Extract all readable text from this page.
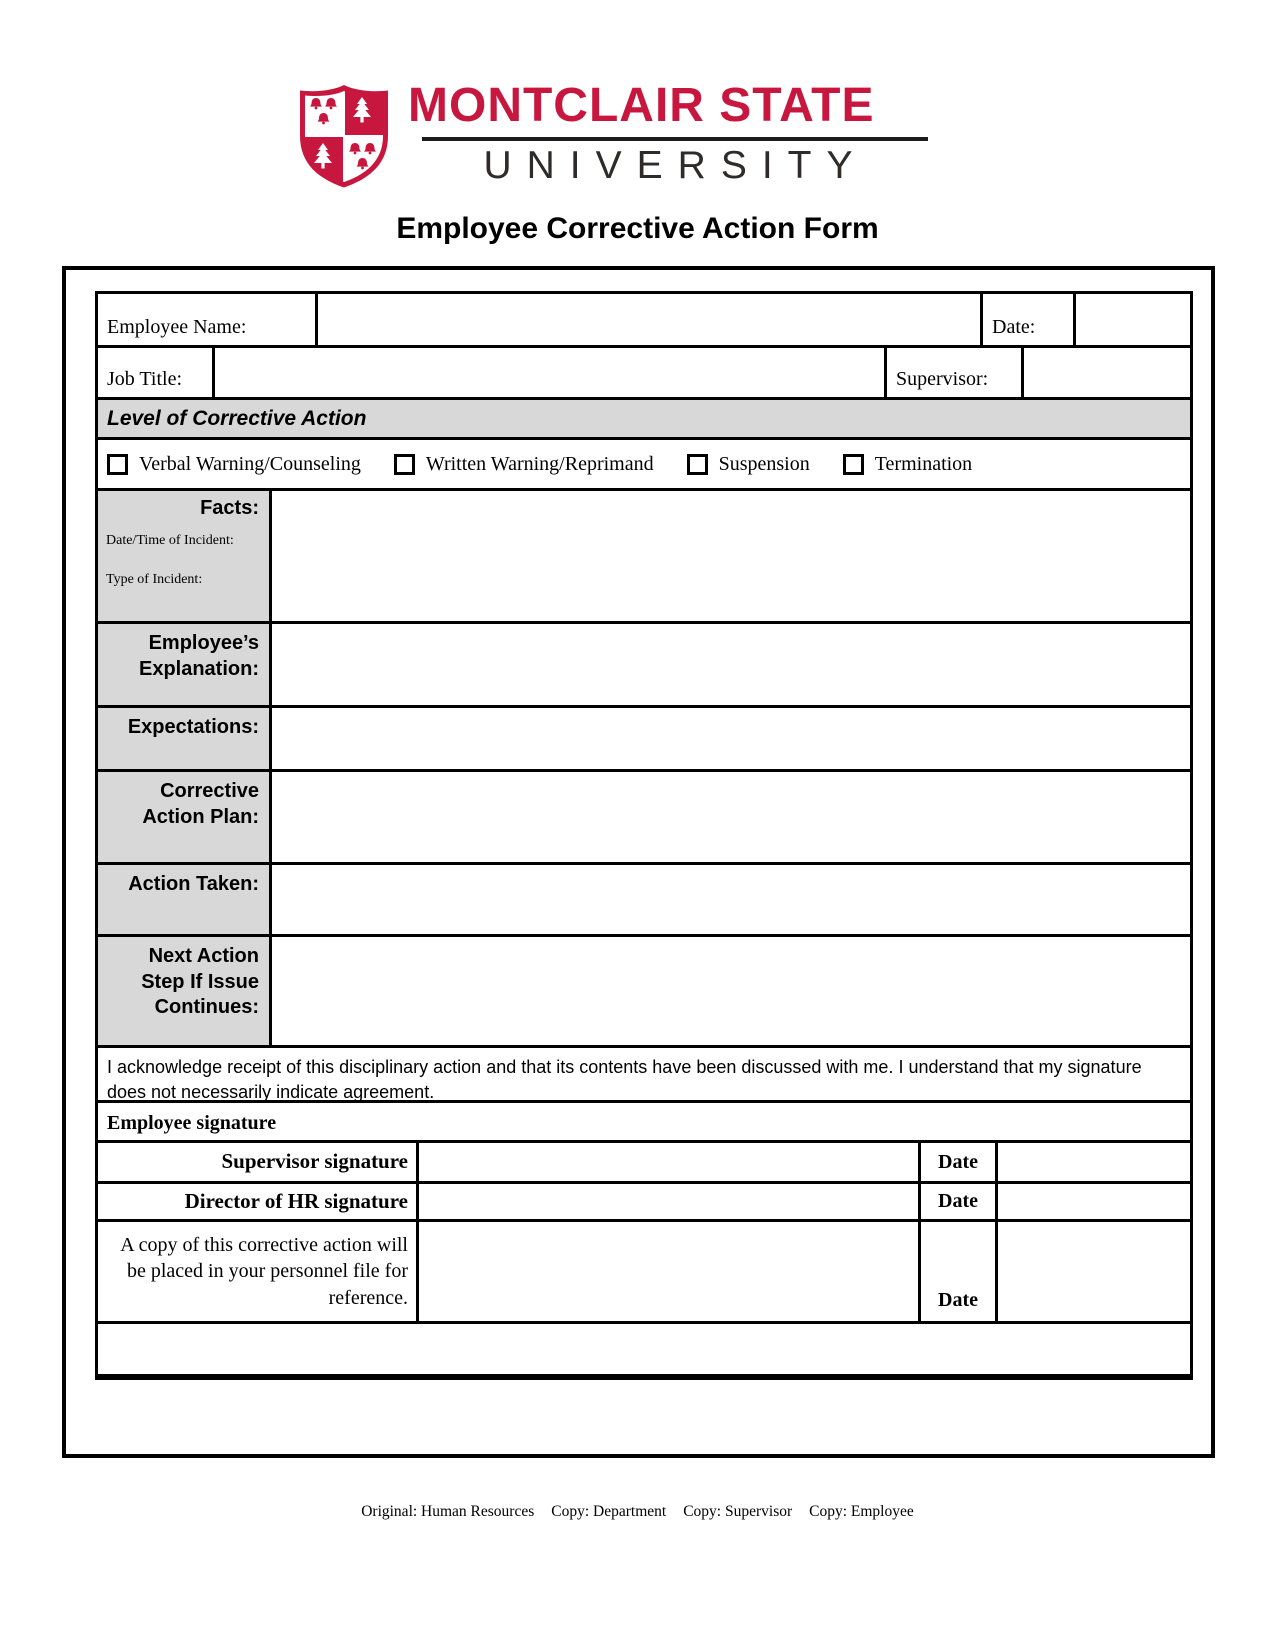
MONTCLAIR STATE
UNIVERSITY
Employee Corrective Action Form
Employee Name:	Date:
Job Title:	Supervisor:
Level of Corrective Action
Verbal Warning/Counseling	Written Warning/Reprimand	Suspension	Termination
Facts:
Date/Time of Incident:
Type of Incident:
Employee’s Explanation:
Expectations:
Corrective Action Plan:
Action Taken:
Next Action Step If Issue Continues:
I acknowledge receipt of this disciplinary action and that its contents have been discussed with me. I understand that my signature does not necessarily indicate agreement.
Employee signature
Supervisor signature	Date
Director of HR signature	Date
A copy of this corrective action will be placed in your personnel file for reference.	Date
Original: Human Resources Copy: Department Copy: Supervisor Copy: Employee
